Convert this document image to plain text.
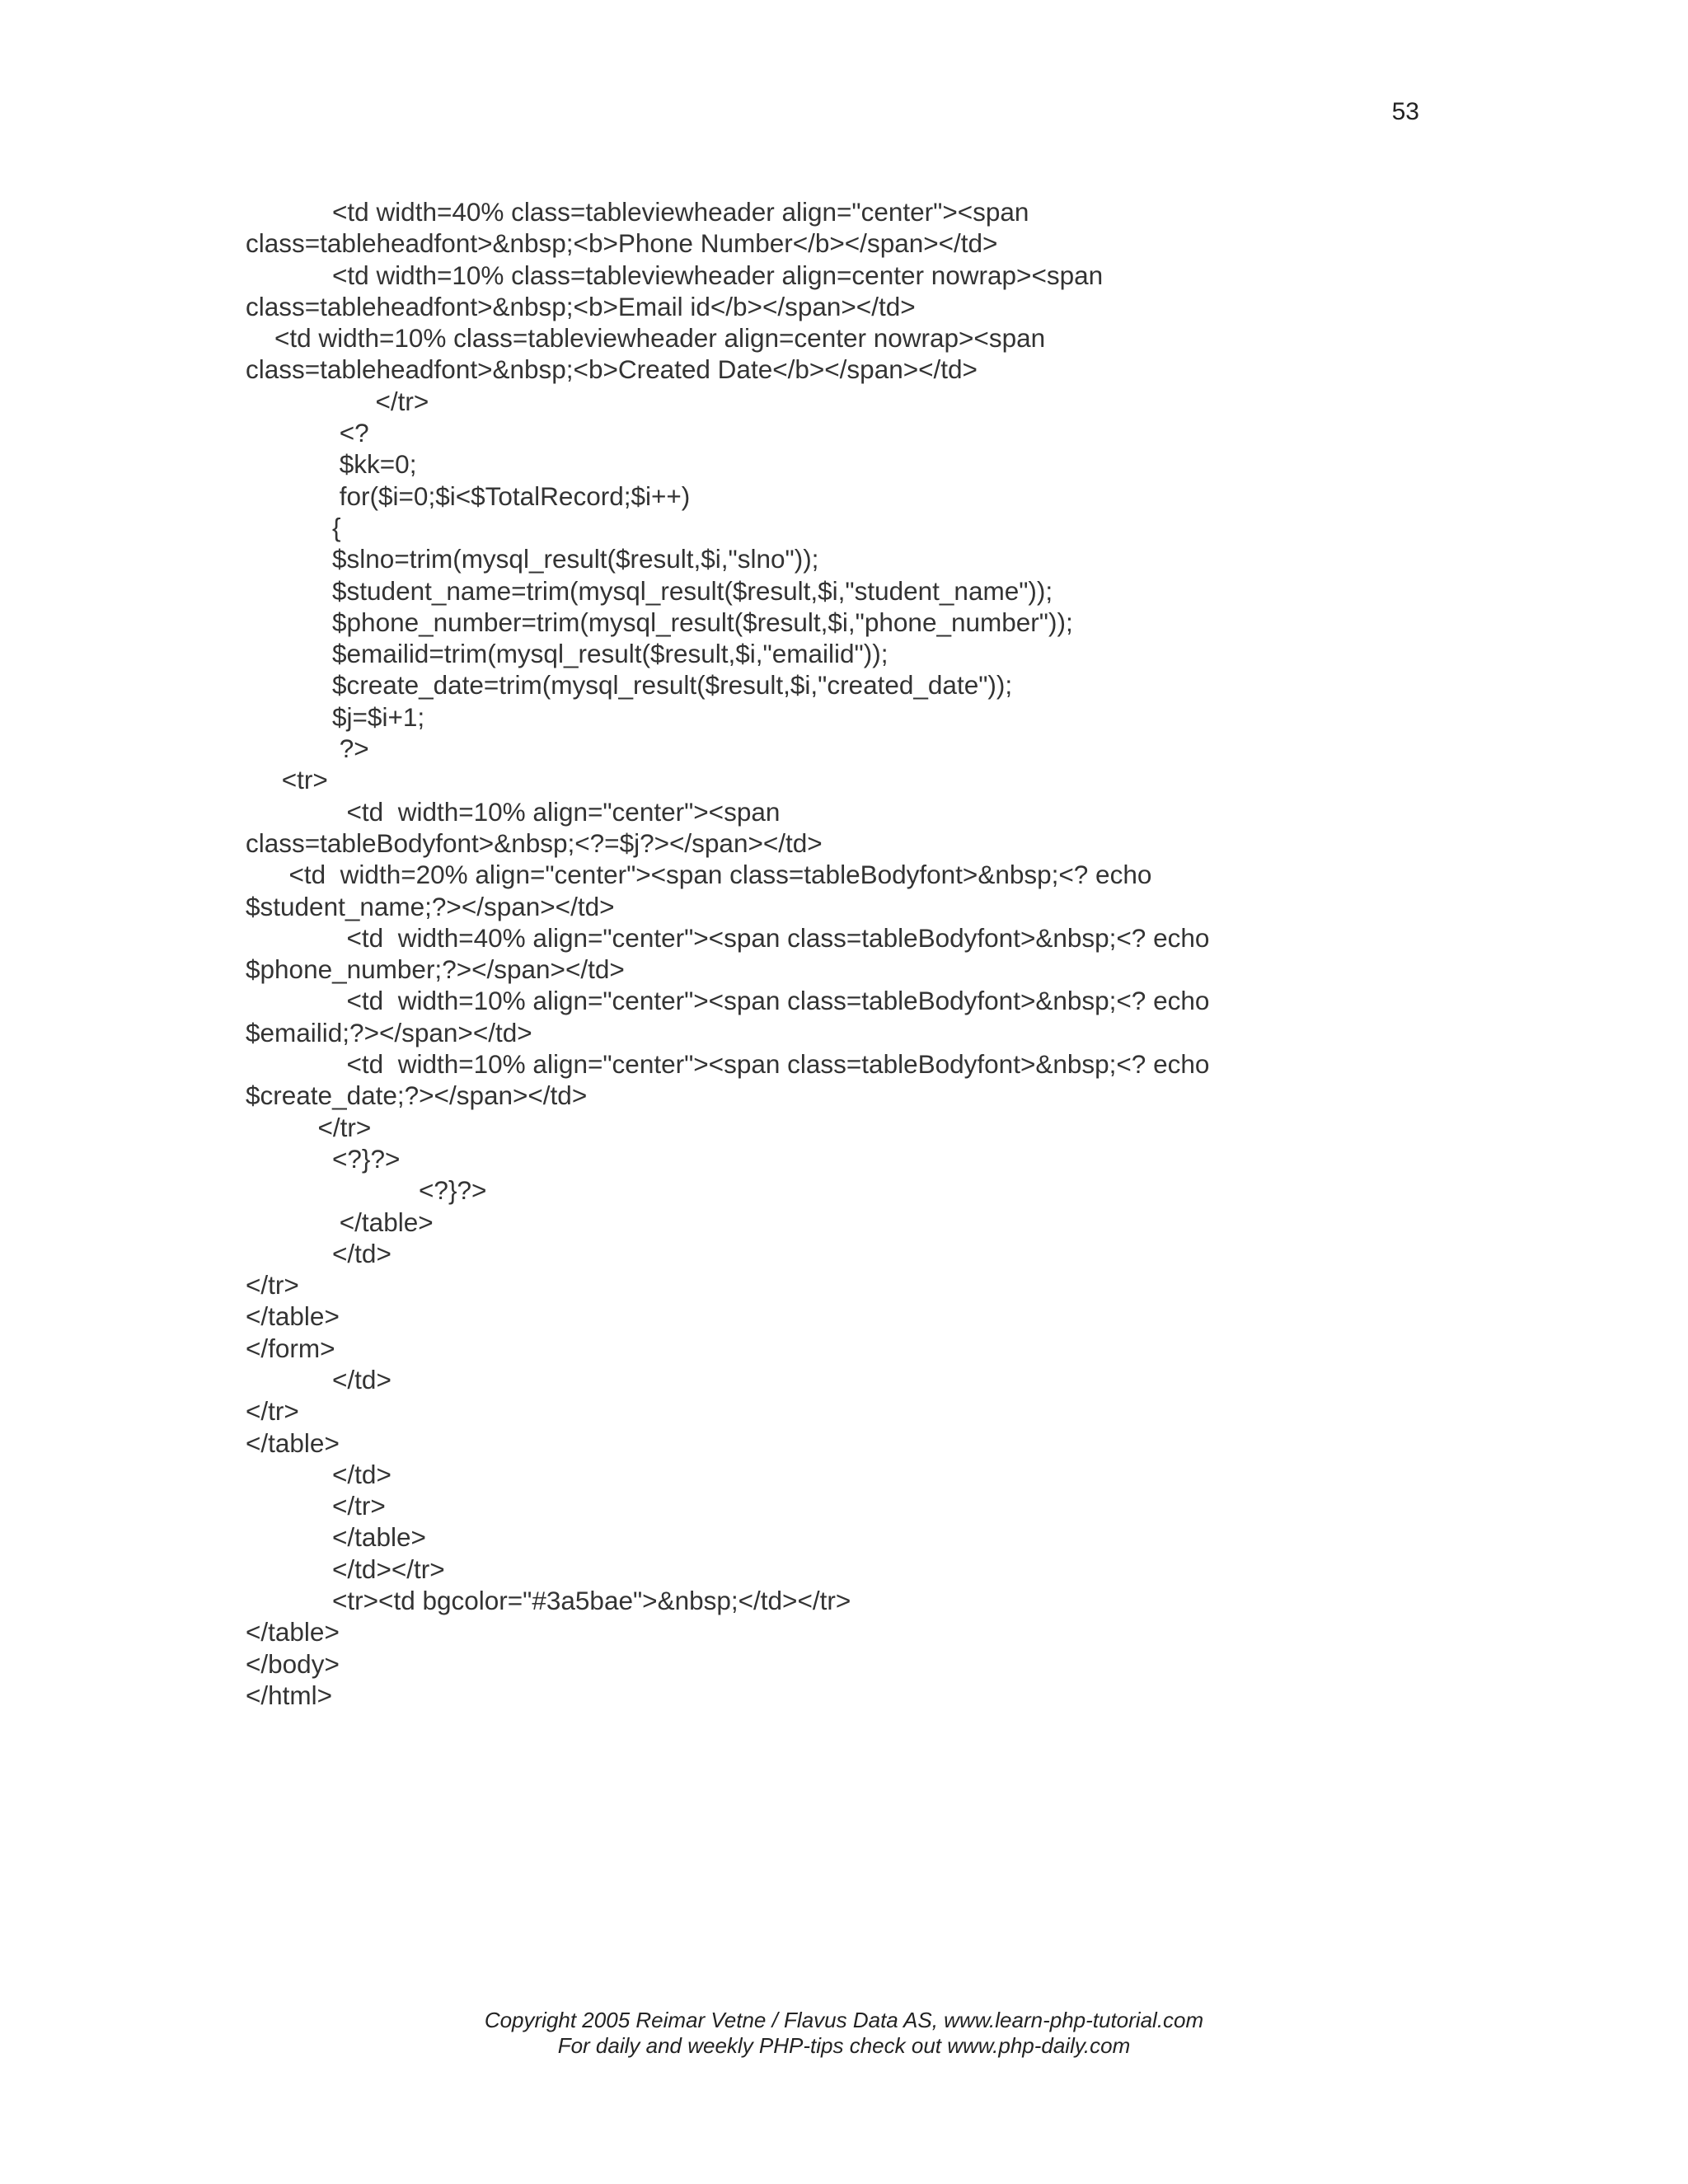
53
<td width=40% class=tableviewheader align="center"><span
class=tableheadfont>&nbsp;<b>Phone Number</b></span></td>
<td width=10% class=tableviewheader align=center nowrap><span
class=tableheadfont>&nbsp;<b>Email id</b></span></td>
<td width=10% class=tableviewheader align=center nowrap><span
class=tableheadfont>&nbsp;<b>Created Date</b></span></td>
</tr>
<?
$kk=0;
for($i=0;$i<$TotalRecord;$i++)
{
$slno=trim(mysql_result($result,$i,"slno"));
$student_name=trim(mysql_result($result,$i,"student_name"));
$phone_number=trim(mysql_result($result,$i,"phone_number"));
$emailid=trim(mysql_result($result,$i,"emailid"));
$create_date=trim(mysql_result($result,$i,"created_date"));
$j=$i+1;
?>
<tr>
<td  width=10% align="center"><span
class=tableBodyfont>&nbsp;<?=$j?></span></td>
<td  width=20% align="center"><span class=tableBodyfont>&nbsp;<? echo
$student_name;?></span></td>
<td  width=40% align="center"><span class=tableBodyfont>&nbsp;<? echo
$phone_number;?></span></td>
<td  width=10% align="center"><span class=tableBodyfont>&nbsp;<? echo
$emailid;?></span></td>
<td  width=10% align="center"><span class=tableBodyfont>&nbsp;<? echo
$create_date;?></span></td>
</tr>
<?}?>
<?}?>
</table>
</td>
</tr>
</table>
</form>
</td>
</tr>
</table>
</td>
</tr>
</table>
</td></tr>
<tr><td bgcolor="#3a5bae">&nbsp;</td></tr>
</table>
</body>
</html>
Copyright 2005 Reimar Vetne / Flavus Data AS, www.learn-php-tutorial.com
For daily and weekly PHP-tips check out www.php-daily.com
